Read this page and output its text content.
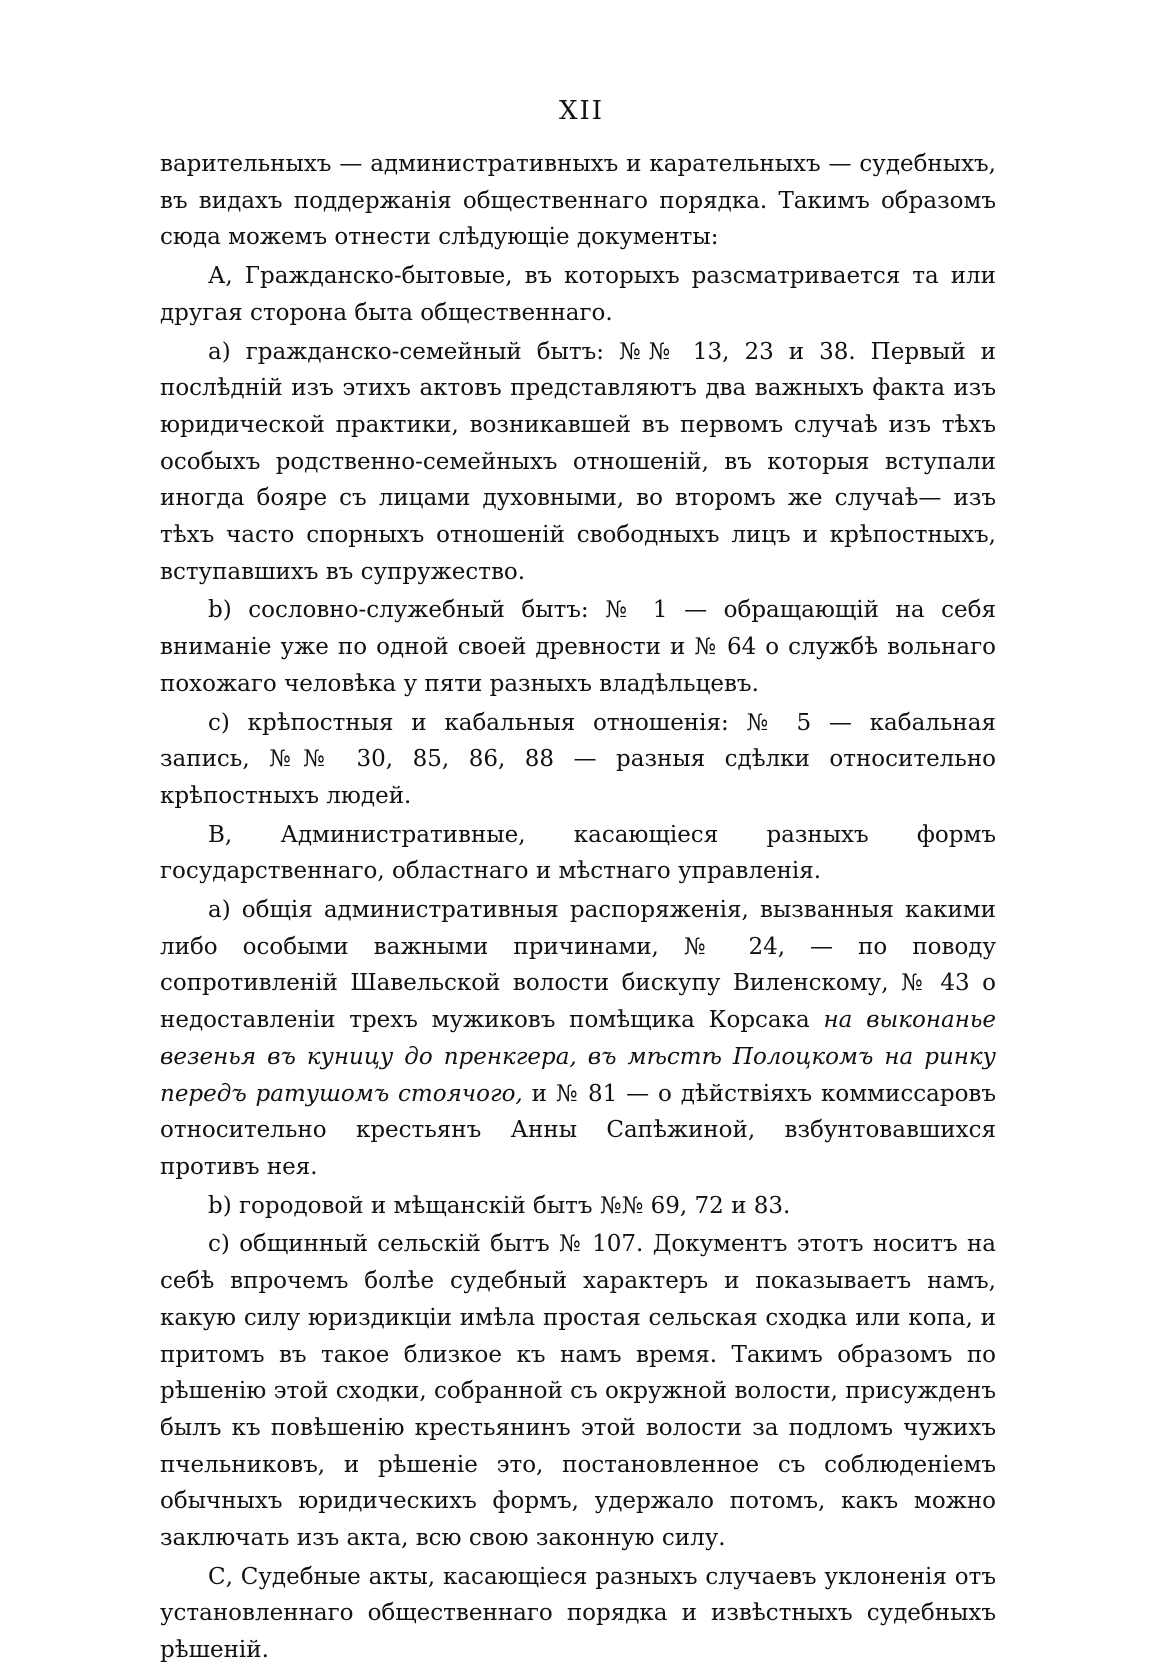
XII

варительныхъ — административныхъ и карательныхъ — судебныхъ, въ видахъ поддержанія общественнаго порядка. Такимъ образомъ сюда можемъ отнести слѣдующіе документы:

А, Гражданско-бытовые, въ которыхъ разсматривается та или другая сторона быта общественнаго.

a) гражданско-семейный бытъ: №№ 13, 23 и 38. Первый и послѣднiй изъ этихъ актовъ представляютъ два важныхъ факта изъ юридической практики, возникавшей въ первомъ случаѣ изъ тѣхъ особыхъ родственно-семейныхъ отношеній, въ которыя вступали иногда бояре съ лицами духовными, во второмъ же случаѣ— изъ тѣхъ часто спорныхъ отношеній свободныхъ лицъ и крѣпостныхъ, вступавшихъ въ супружество.

b) сословно-служебный бытъ: № 1 — обращающій на себя вниманіе уже по одной своей древности и № 64 о службѣ вольнаго похожаго человѣка у пяти разныхъ владѣльцевъ.

c) крѣпостныя и кабальныя отношенія: № 5 — кабальная запись, №№ 30, 85, 86, 88 — разныя сдѣлки относительно крѣпостныхъ людей.

В, Административные, касающіеся разныхъ формъ государственнаго, областнаго и мѣстнаго управленія.

a) общія административныя распоряженія, вызванныя какими либо особыми важными причинами, № 24, — по поводу сопротивленій Шавельской волости бискупу Виленскому, № 43 о недоставленіи трехъ мужиковъ помѣщика Корсака на выконанье везенья въ куницу до пренкгера, въ мѣстѣ Полоцкомъ на ринку передъ ратушомъ стоячого, и № 81 — о дѣйствіяхъ коммиссаровъ относительно крестьянъ Анны Сапѣжиной, взбунтовавшихся противъ нея.

b) городовой и мѣщанскій бытъ №№ 69, 72 и 83.

c) общинный сельскій бытъ № 107. Документъ этотъ носитъ на себѣ впрочемъ болѣе судебный характеръ и показываетъ намъ, какую силу юриздикціи имѣла простая сельская сходка или копа, и притомъ въ такое близкое къ намъ время. Такимъ образомъ по рѣшенію этой сходки, собранной съ окружной волости, присужденъ былъ къ повѣшенію крестьянинъ этой волости за подломъ чужихъ пчельниковъ, и рѣшеніе это, постановленное съ соблюденіемъ обычныхъ юридическихъ формъ, удержало потомъ, какъ можно заключать изъ акта, всю свою законную силу.

С, Судебные акты, касающіеся разныхъ случаевъ уклоненія отъ установленнаго общественнаго порядка и извѣстныхъ судебныхъ рѣшеній.
